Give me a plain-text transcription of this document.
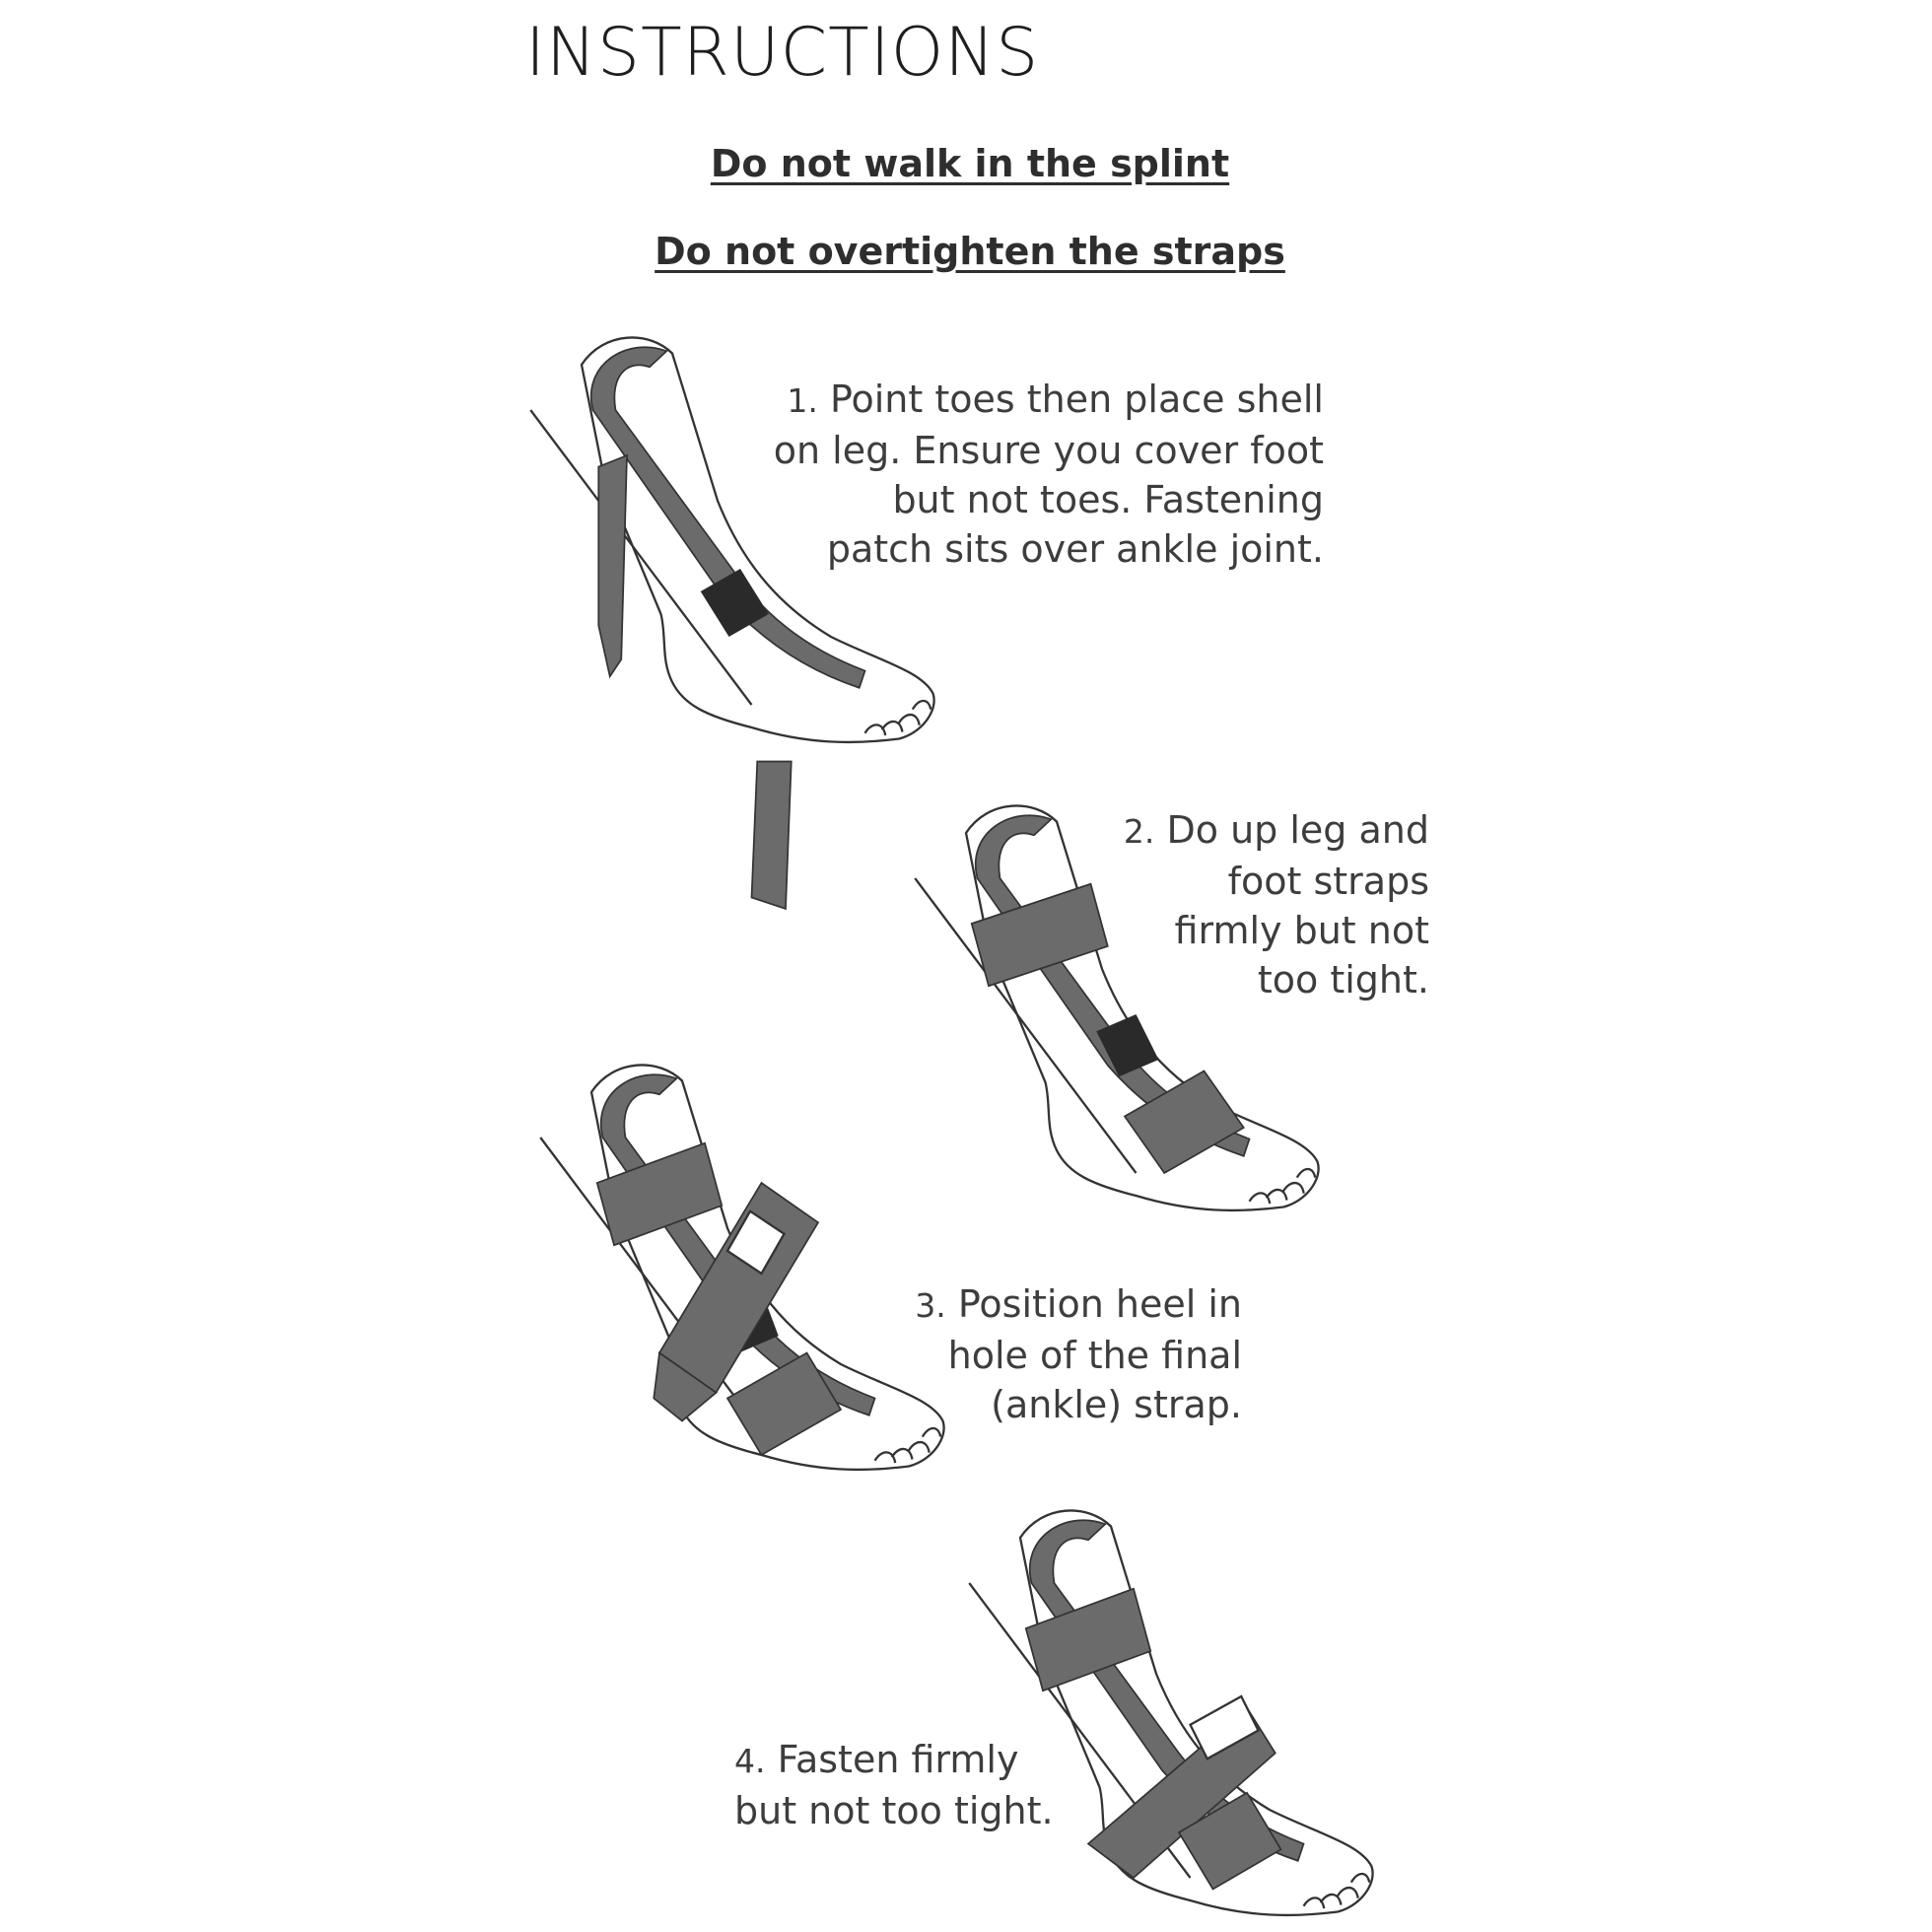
INSTRUCTIONS
Do not walk in the splint
Do not overtighten the straps
1. Point toes then place shell
on leg. Ensure you cover foot
but not toes. Fastening
patch sits over ankle joint.
2. Do up leg and
foot straps
firmly but not
too tight.
3. Position heel in
hole of the final
(ankle) strap.
4. Fasten firmly
but not too tight.
